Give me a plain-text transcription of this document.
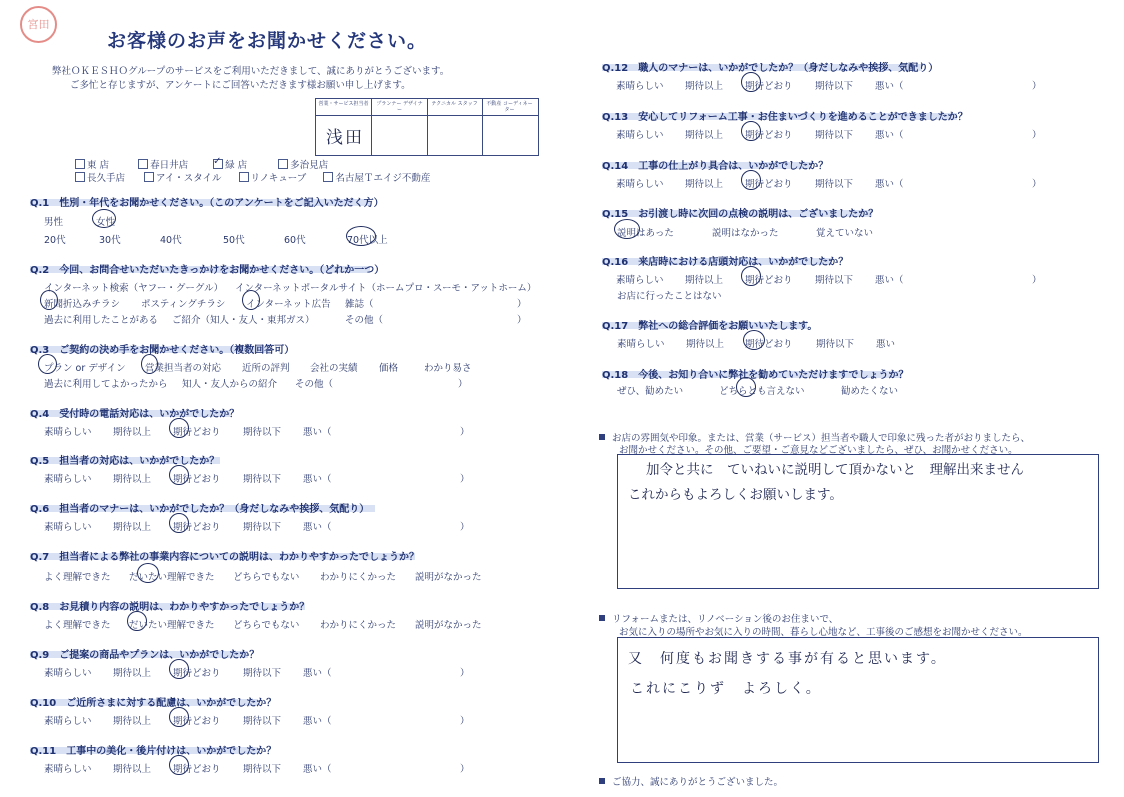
宮田
お客様のお声をお聞かせください。
弊社ＯＫＥＳＨＯグループのサービスをご利用いただきまして、誠にありがとうございます。
ご多忙と存じますが、アンケートにご回答いただきます様お願い申し上げます。
営業・サービス担当者	プランナー デザイナー
テクニカル スタッフ	不動産 コーディネーター
浅田
東 店	春日井店 ✓	緑 店	多治見店
長久手店	アイ・スタイル	リノキューブ	名古屋Ｔエイジ不動産
Q.1　性別・年代をお聞かせください。（このアンケートをご記入いただく方）
男性	女性
20代	30代	40代	50代	60代	70代以上
Q.2　今回、お問合せいただいたきっかけをお聞かせください。（どれか一つ）
インターネット検索（ヤフー・グーグル） インターネットポータルサイト（ホームプロ・スーモ・アットホーム）
新聞折込みチラシ ポスティングチラシ インターネット広告 雑誌（	）
過去に利用したことがある ご紹介（知人・友人・東邦ガス）	その他（	）
Q.3　ご契約の決め手をお聞かせください。（複数回答可）
プラン or デザイン 営業担当者の対応 近所の評判 会社の実績 価格	わかり易さ
過去に利用してよかったから 知人・友人からの紹介 その他（	）
Q.4　受付時の電話対応は、いかがでしたか？
素晴らしい 期待以上 期待どおり 期待以下 悪い（	）
Q.5　担当者の対応は、いかがでしたか？
素晴らしい 期待以上 期待どおり 期待以下 悪い（	）
Q.6　担当者のマナーは、いかがでしたか？（身だしなみや挨拶、気配り）
素晴らしい 期待以上 期待どおり 期待以下 悪い（	）
Q.9　ご提案の商品やプランは、いかがでしたか？
素晴らしい 期待以上 期待どおり 期待以下 悪い（	）
Q.10　ご近所さまに対する配慮は、いかがでしたか？
素晴らしい 期待以上 期待どおり 期待以下 悪い（	）
Q.11　工事中の美化・後片付けは、いかがでしたか？
素晴らしい 期待以上 期待どおり 期待以下 悪い（	）
Q.12　職人のマナーは、いかがでしたか？（身だしなみや挨拶、気配り）
素晴らしい 期待以上 期待どおり 期待以下 悪い（	）
Q.13　安心してリフォーム工事・お住まいづくりを進めることができましたか？
素晴らしい 期待以上 期待どおり 期待以下 悪い（	）
Q.14　工事の仕上がり具合は、いかがでしたか？
素晴らしい 期待以上 期待どおり 期待以下 悪い（	）
Q.16　来店時における店頭対応は、いかがでしたか？
素晴らしい 期待以上 期待どおり 期待以下 悪い（	）
Q.7　担当者による弊社の事業内容についての説明は、わかりやすかったでしょうか？
よく理解できた だいたい理解できた どちらでもない わかりにくかった 説明がなかった
Q.8　お見積り内容の説明は、わかりやすかったでしょうか？
よく理解できた だいたい理解できた どちらでもない わかりにくかった 説明がなかった
Q.15　お引渡し時に次回の点検の説明は、ございましたか？
説明はあった	説明はなかった	覚えていない
お店に行ったことはない
Q.17　弊社への総合評価をお願いいたします。
素晴らしい 期待以上 期待どおり 期待以下 悪い
Q.18　今後、お知り合いに弊社を勧めていただけますでしょうか？
ぜひ、勧めたい	どちらとも言えない	勧めたくない
お店の雰囲気や印象。または、営業（サービス）担当者や職人で印象に残った者がおりましたら、
お聞かせください。その他、ご要望・ご意見などございましたら、ぜひ、お聞かせください。
加令と共に　ていねいに説明して頂かないと　理解出来ません
これからもよろしくお願いします。
リフォームまたは、リノベーション後のお住まいで、
お気に入りの場所やお気に入りの時間、暮らし心地など、工事後のご感想をお聞かせください。
又　何度もお聞きする事が有ると思います。
これにこりず　よろしく。
ご協力、誠にありがとうございました。
